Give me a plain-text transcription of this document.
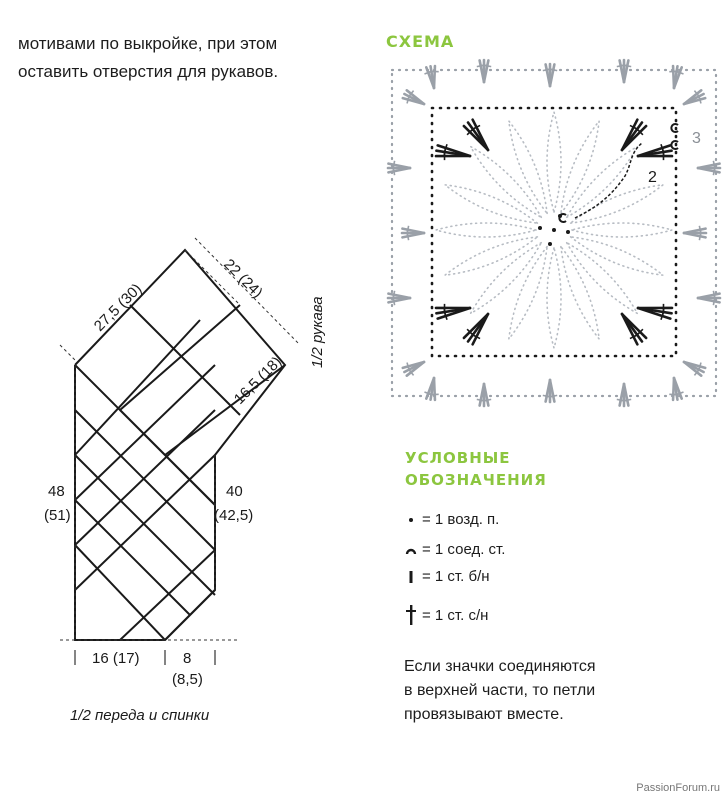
мотивами по выкройке, при этом
оставить отверстия для рукавов.
27,5 (30)
22 (24)
1/2 рукава
16,5 (18)
48
(51)
40
(42,5)
16 (17)	8
(8,5)
1/2 переда и спинки
СХЕМА
2
3
УСЛОВНЫЕ
ОБОЗНАЧЕНИЯ
= 1 возд. п.
= 1 соед. ст.
= 1 ст. б/н
= 1 ст. с/н
Если значки соединяются
в верхней части, то петли
провязывают вместе.
PassionForum.ru
